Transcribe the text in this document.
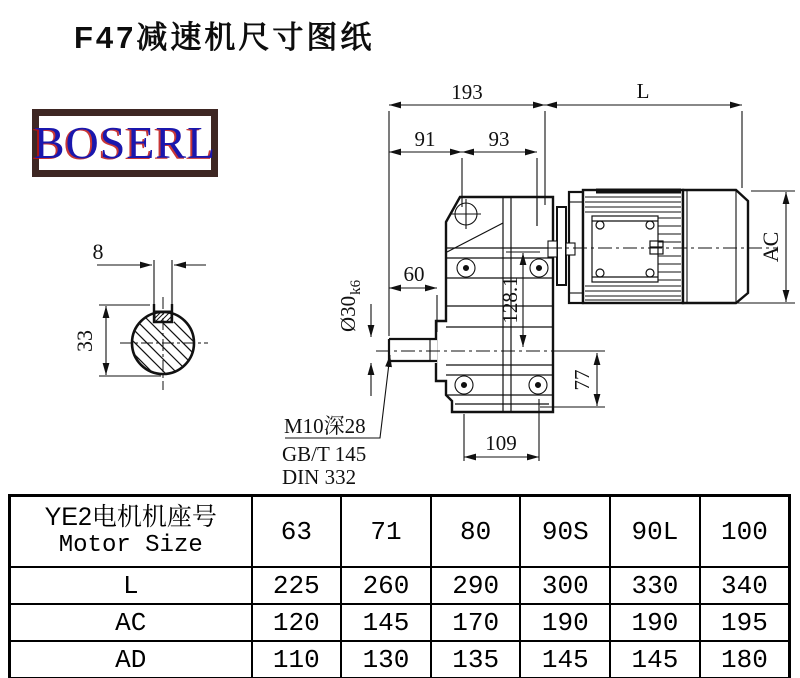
F47减速机尺寸图纸
BOSERL
8
33
193	L
91	93
60
109
$Ø30_{k6}$	128.1
77
AC
M10深28
GB/T 145
DIN 332
YE2电机机座号
Motor Size	63	71	80	90S	90L	100
L	225	260	290	300	330	340
AC	120	145	170	190	190	195
AD	110	130	135	145	145	180
